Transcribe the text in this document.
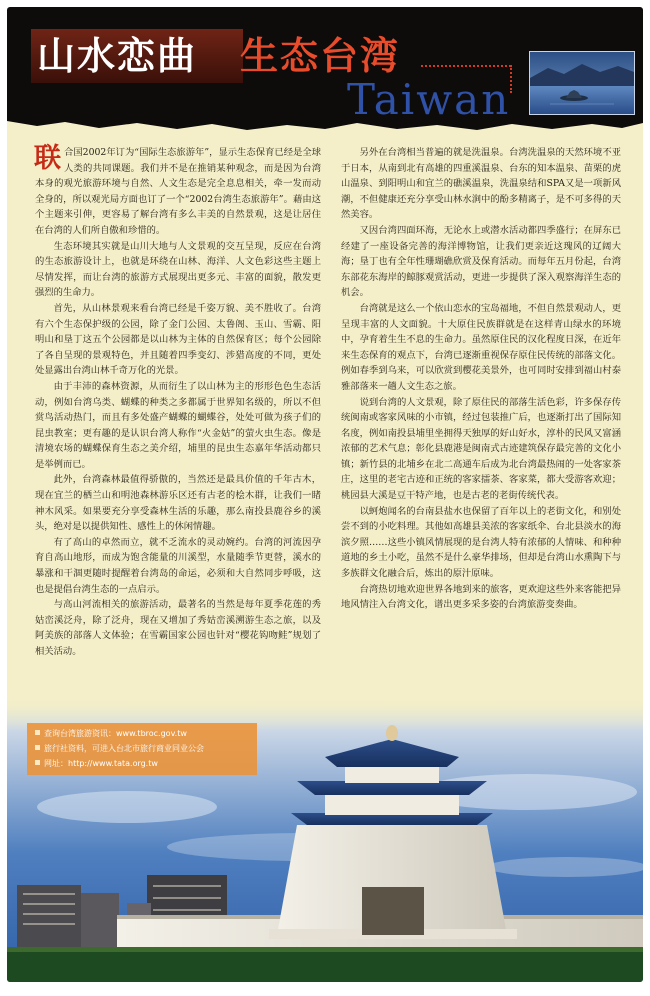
山水恋曲 生态台湾
Taiwan

联合国2002年订为“国际生态旅游年”，显示生态保育已经是全球人类的共同课题。我们并不是在推销某种观念，而是因为台湾本身的观光旅游环境与自然、人文生态是完全息息相关，牵一发而动全身的，所以观光局方面也订了一个“2002台湾生态旅游年”。藉由这个主题来引伸，更容易了解台湾有多么丰美的自然景观，这是让居住在台湾的人们所自傲和珍惜的。

生态环境其实就是山川大地与人文景观的交互呈现，反应在台湾的生态旅游设计上，也就是环绕在山林、海洋、人文色彩这些主题上尽情发挥，而让台湾的旅游方式展现出更多元、丰富的面貌，散发更强烈的生命力。

首先，从山林景观来看台湾已经是千姿万貌、美不胜收了。台湾有六个生态保护级的公园，除了金门公园、太鲁阁、玉山、雪霸、阳明山和垦丁这五个公园都是以山林为主体的自然保育区；每个公园除了各自呈现的景观特色，并且随着四季变幻、涉猎高度的不同，更处处显露出台湾山林千奇万化的光景。

由于丰沛的森林资源，从而衍生了以山林为主的形形色色生态活动，例如台湾乌类、蝴蝶的种类之多都属于世界知名级的，所以不但赏鸟活动热门，而且有多处盛产蝴蝶的蝴蝶谷，处处可做为孩子们的昆虫教室；更有趣的是认识台湾人称作“火金姑”的萤火虫生态。像是清境农场的蝴蝶保育生态之美介绍，埔里的昆虫生态嘉年华活动都只是举例而已。

此外，台湾森林最值得骄傲的，当然还是最具价值的千年古木，现在宜兰的栖兰山和明池森林游乐区还有古老的桧木群，让我们一睹神木风采。如果要充分享受森林生活的乐趣，那么南投县鹿谷乡的溪头，绝对是以提供知性、感性上的休闲情趣。

有了高山的卓然而立，就不乏流水的灵动婉约。台湾的河流因孕育自高山地形，而成为饱含能量的川溪型，水量随季节更替，溪水的暴涨和干涸更随时提醒着台湾岛的命运，必须和大自然同步呼吸，这也是提倡台湾生态的一点启示。

与高山河流相关的旅游活动，最著名的当然是每年夏季花莲的秀姑峦溪泛舟，除了泛舟，现在又增加了秀姑峦溪溯游生态之旅，以及阿美族的部落人文体验；在雪霸国家公园也针对“樱花钩吻鲑”规划了相关活动。

另外在台湾相当普遍的就是洗温泉。台湾洗温泉的天然环境不亚于日本，从南到北有高雄的四重溪温泉、台东的知本温泉、苗栗的虎山温泉、到阳明山和宜兰的礁溪温泉，洗温泉结和SPA又是一项新风潮，不但健康还充分享受山林水涧中的酚多精离子，是不可多得的天然美容。

又因台湾四面环海，无论水上或潜水活动都四季盛行；在屏东已经建了一座设备完善的海洋博物馆，让我们更亲近这瑰风的辽阔大海；垦丁也有全年性珊瑚礁欣赏及保育活动。而每年五月份起，台湾东部花东海岸的鲸豚观赏活动，更进一步提供了深入观察海洋生态的机会。

台湾就是这么一个依山恋水的宝岛福地，不但自然景观动人，更呈现丰富的人文面貌。十大原住民族群就是在这样青山绿水的环境中，孕育着生生不息的生命力。虽然原住民的汉化程度日深，在近年来生态保育的观点下，台湾已逐渐重视保存原住民传统的部落文化。例如春季到乌来，可以欣赏到樱花美景外，也可同时安排到福山村泰雅部落来一趟人文生态之旅。

说到台湾的人文景观，除了原住民的部落生活色彩，许多保存传统闽南或客家风味的小市镇，经过包装推广后，也逐渐打出了国际知名度，例如南投县埔里坐拥得天独厚的好山好水，淳朴的民风又富涵浓郁的艺术气息；彰化县鹿港是闽南式古迹建筑保存最完善的文化小镇；新竹县的北埔乡在北二高通车后成为北台湾最热闹的一处客家茶庄，这里的老宅古迹和正统的客家擂茶、客家菜，都大受游客欢迎；桃园县大溪是豆干特产地，也是古老的老街传统代表。

以蚵炮闻名的台南县盐水也保留了百年以上的老街文化，和别处尝不到的小吃料理。其他如高雄县美浓的客家纸伞、台北县淡水的海滨夕照……这些小镇风情展现的是台湾人特有浓郁的人情味、和种种道地的乡土小吃，虽然不是什么豪华排场，但却是台湾山水熏陶下与多族群文化融合后，炼出的原汁原味。

台湾热切地欢迎世界各地到来的旅客，更欢迎这些外来客能把异地风情注入台湾文化，谱出更多采多姿的台湾旅游变奏曲。

查询台湾旅游资讯：www.tbroc.gov.tw
旅行社资料，可进入台北市旅行商业同业公会
网址：http://www.tata.org.tw
